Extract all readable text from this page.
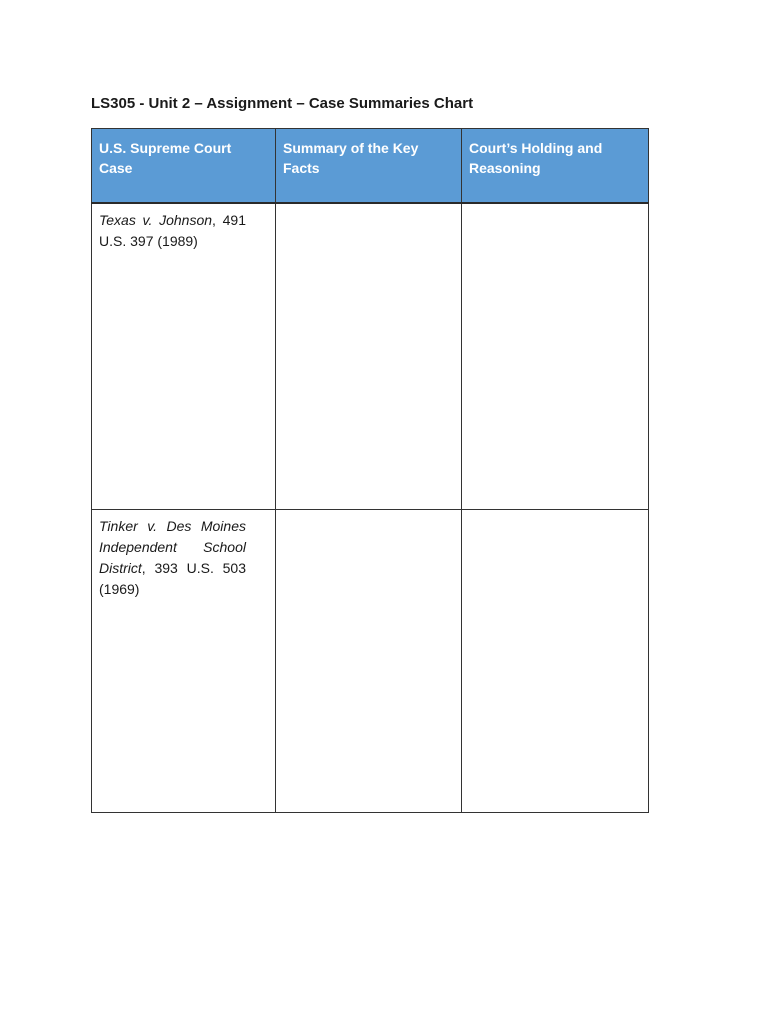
LS305 - Unit 2 – Assignment – Case Summaries Chart
U.S. Supreme Court Case	Summary of the Key Facts	Court’s Holding and Reasoning

Texas v. Johnson, 491 U.S. 397 (1989)		

Tinker v. Des Moines Independent School District, 393 U.S. 503 (1969)		
